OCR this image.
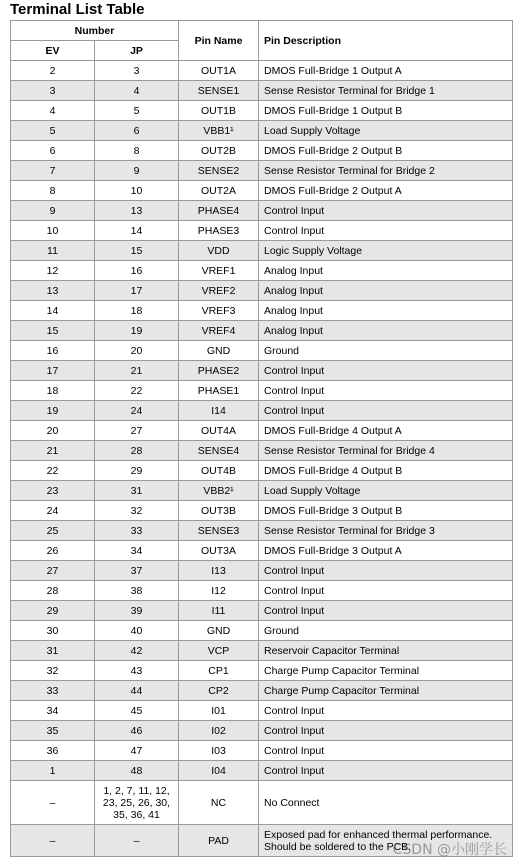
Terminal List Table
Number		Pin Name	Pin Description
EV	JP		
2	3	OUT1A	DMOS Full-Bridge 1 Output A
3	4	SENSE1	Sense Resistor Terminal for Bridge 1
4	5	OUT1B	DMOS Full-Bridge 1 Output B
5	6	VBB1¹	Load Supply Voltage
6	8	OUT2B	DMOS Full-Bridge 2 Output B
7	9	SENSE2	Sense Resistor Terminal for Bridge 2
8	10	OUT2A	DMOS Full-Bridge 2 Output A
9	13	PHASE4	Control Input
10	14	PHASE3	Control Input
11	15	VDD	Logic Supply Voltage
12	16	VREF1	Analog Input
13	17	VREF2	Analog Input
14	18	VREF3	Analog Input
15	19	VREF4	Analog Input
16	20	GND	Ground
17	21	PHASE2	Control Input
18	22	PHASE1	Control Input
19	24	I14	Control Input
20	27	OUT4A	DMOS Full-Bridge 4 Output A
21	28	SENSE4	Sense Resistor Terminal for Bridge 4
22	29	OUT4B	DMOS Full-Bridge 4 Output B
23	31	VBB2¹	Load Supply Voltage
24	32	OUT3B	DMOS Full-Bridge 3 Output B
25	33	SENSE3	Sense Resistor Terminal for Bridge 3
26	34	OUT3A	DMOS Full-Bridge 3 Output A
27	37	I13	Control Input
28	38	I12	Control Input
29	39	I11	Control Input
30	40	GND	Ground
31	42	VCP	Reservoir Capacitor Terminal
32	43	CP1	Charge Pump Capacitor Terminal
33	44	CP2	Charge Pump Capacitor Terminal
34	45	I01	Control Input
35	46	I02	Control Input
36	47	I03	Control Input
1	48	I04	Control Input
–	1, 2, 7, 11, 12, 23, 25, 26, 30, 35, 36, 41	NC	No Connect
–	–	PAD	Exposed pad for enhanced thermal performance. Should be soldered to the PCB.
CSDN @小刚学长
